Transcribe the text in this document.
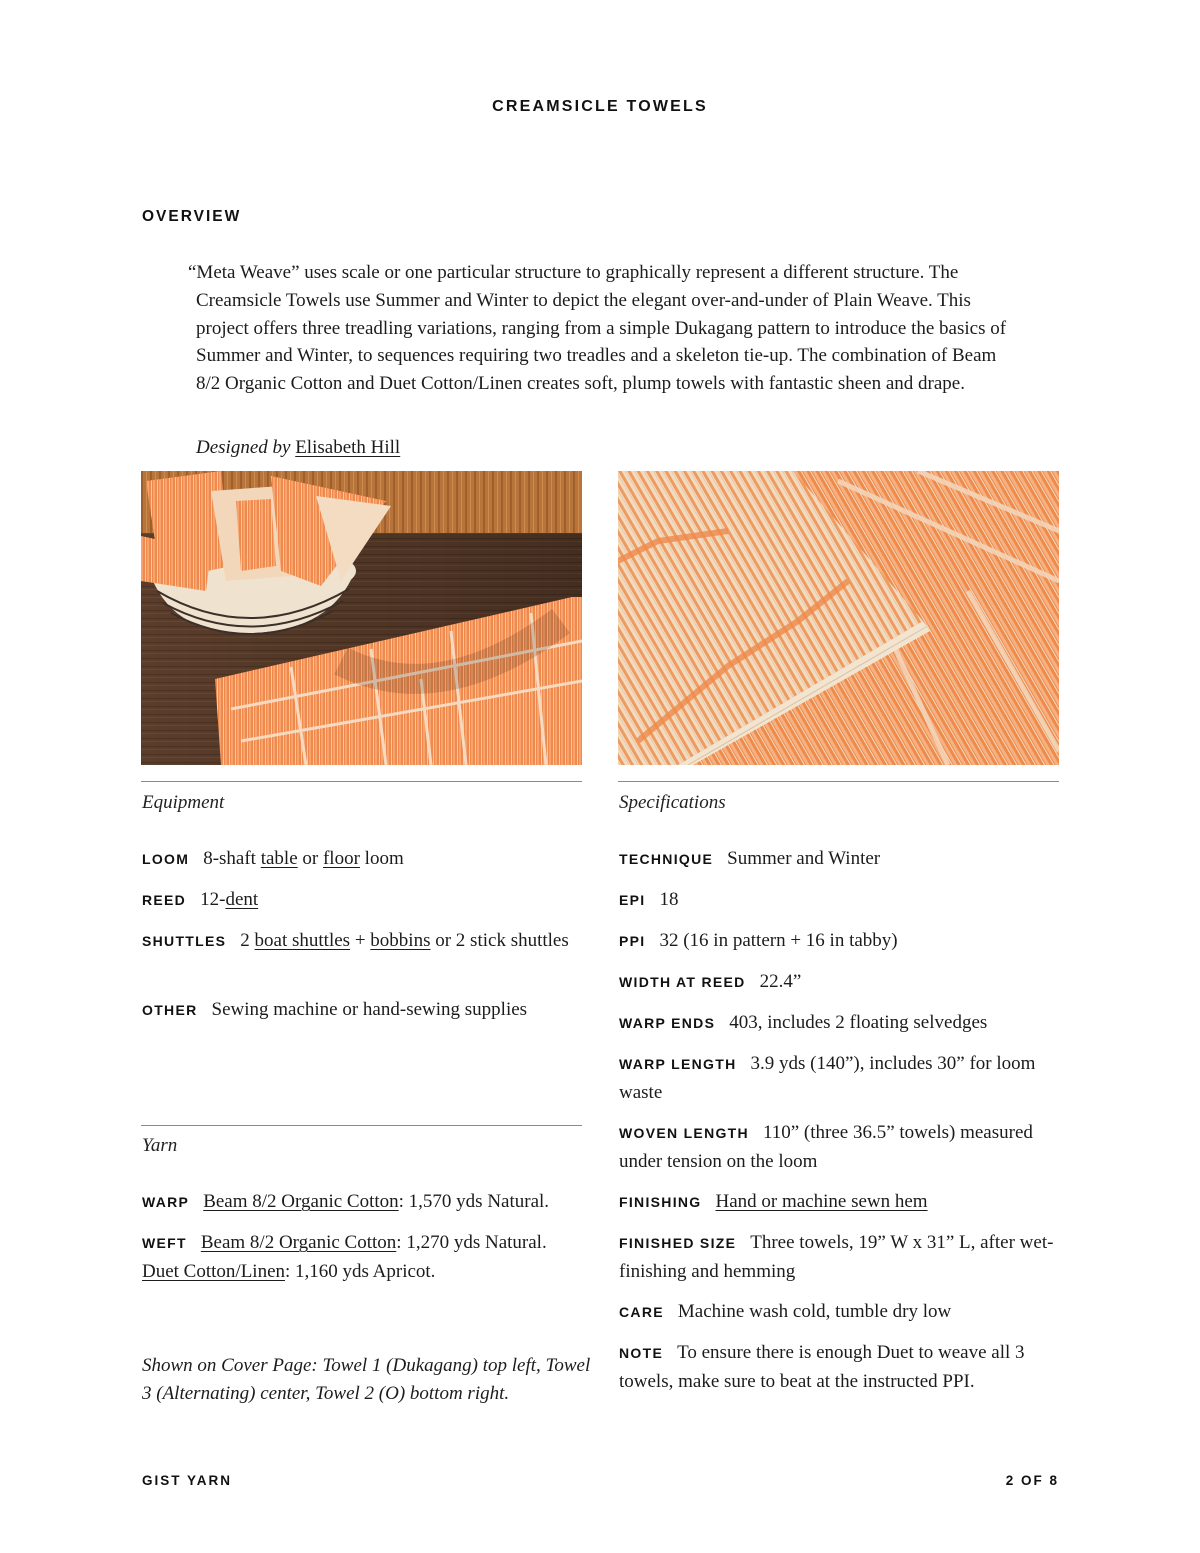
CREAMSICLE TOWELS
OVERVIEW

“Meta Weave” uses scale or one particular structure to graphically represent a different structure. The Creamsicle Towels use Summer and Winter to depict the elegant over-and-under of Plain Weave. This project offers three treadling variations, ranging from a simple Dukagang pattern to introduce the basics of Summer and Winter, to sequences requiring two treadles and a skeleton tie-up. The combination of Beam 8/2 Organic Cotton and Duet Cotton/Linen creates soft, plump towels with fantastic sheen and drape.

Designed by Elisabeth Hill
Equipment
LOOM 8-shaft table or floor loom
REED 12-dent
SHUTTLES 2 boat shuttles + bobbins or 2 stick shuttles
OTHER Sewing machine or hand-sewing supplies
Yarn
WARP Beam 8/2 Organic Cotton: 1,570 yds Natural.
WEFT Beam 8/2 Organic Cotton: 1,270 yds Natural. Duet Cotton/Linen: 1,160 yds Apricot.
Shown on Cover Page: Towel 1 (Dukagang) top left, Towel 3 (Alternating) center, Towel 2 (O) bottom right.
Specifications
TECHNIQUE Summer and Winter
EPI 18
PPI 32 (16 in pattern + 16 in tabby)
WIDTH AT REED 22.4”
WARP ENDS 403, includes 2 floating selvedges
WARP LENGTH 3.9 yds (140”), includes 30” for loom waste
WOVEN LENGTH 110” (three 36.5” towels) measured under tension on the loom
FINISHING Hand or machine sewn hem
FINISHED SIZE Three towels, 19” W x 31” L, after wet-finishing and hemming
CARE Machine wash cold, tumble dry low
NOTE To ensure there is enough Duet to weave all 3 towels, make sure to beat at the instructed PPI.
GIST YARN	2 OF 8
